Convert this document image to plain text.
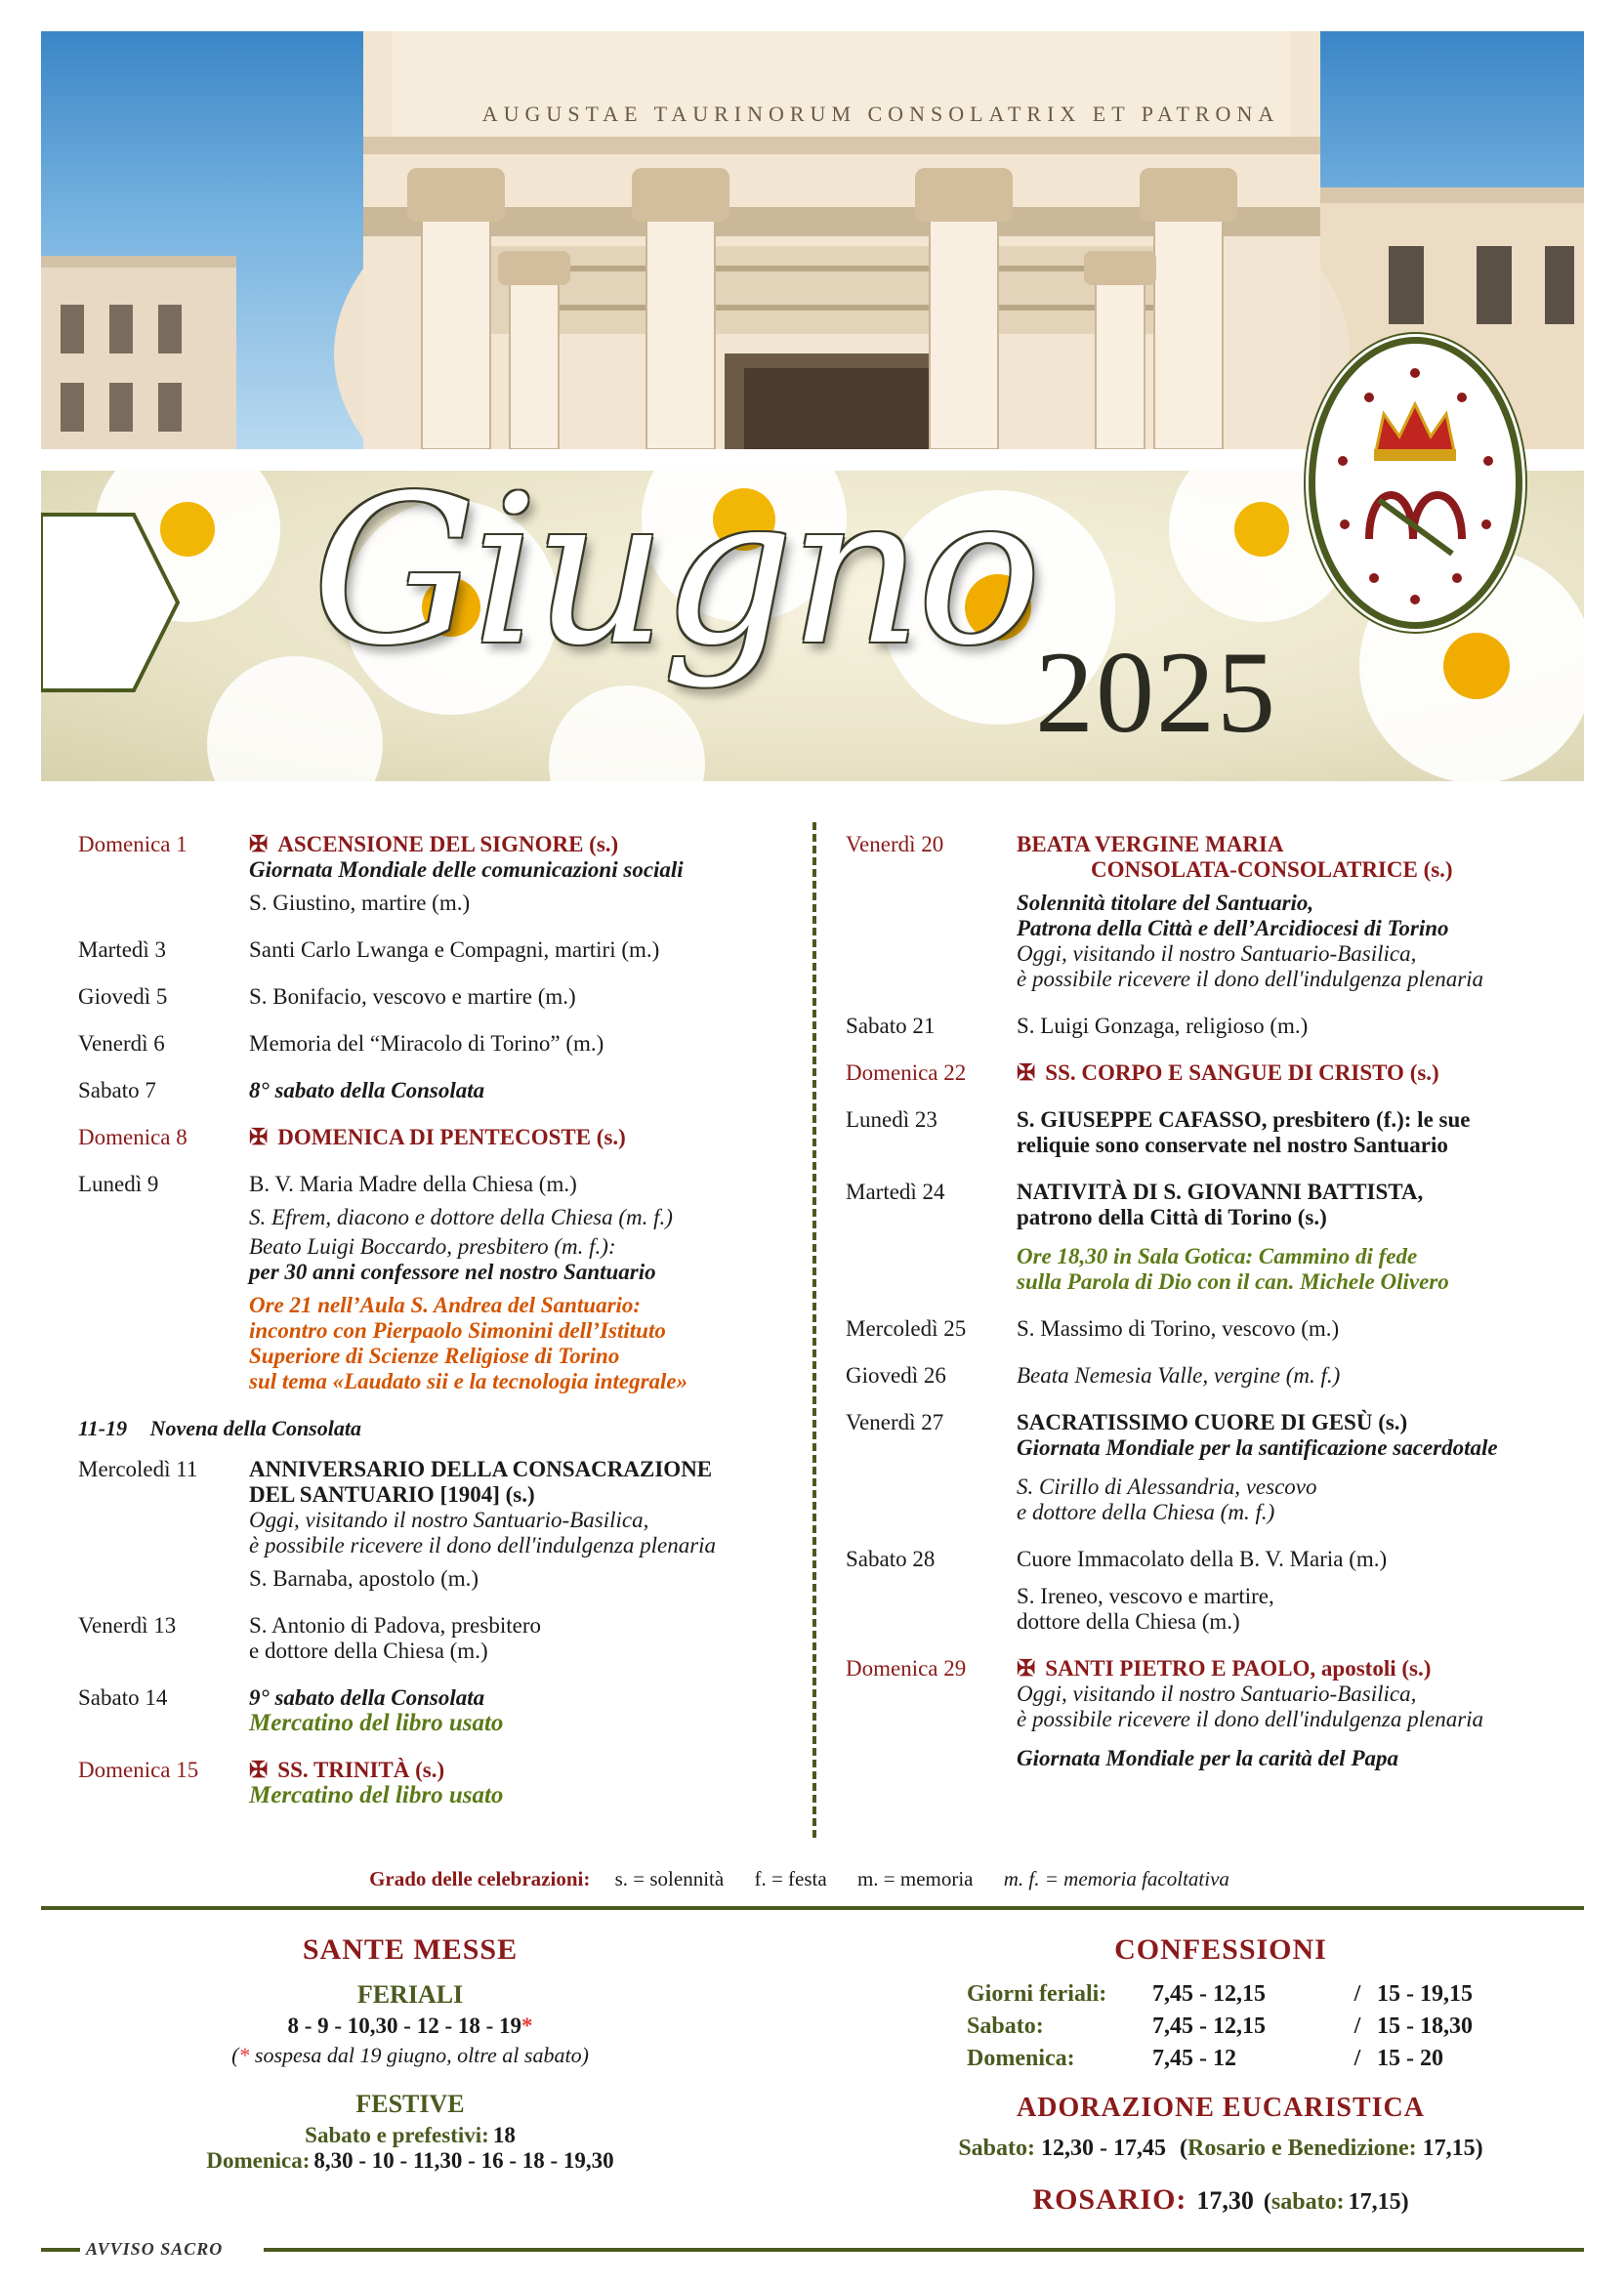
AUGUSTAE TAURINORUM CONSOLATRIX ET PATRONA
Giugno
2025
Domenica 1	✠ ASCENSIONE DEL SIGNORE (s.)

Giornata Mondiale delle comunicazioni sociali

S. Giustino, martire (m.)

Martedì 3	Santi Carlo Lwanga e Compagni, martiri (m.)

Giovedì 5	S. Bonifacio, vescovo e martire (m.)

Venerdì 6	Memoria del “Miracolo di Torino” (m.)

Sabato 7	8° sabato della Consolata

Domenica 8	✠ DOMENICA DI PENTECOSTE (s.)

Lunedì 9	B. V. Maria Madre della Chiesa (m.)

S. Efrem, diacono e dottore della Chiesa (m. f.)

Beato Luigi Boccardo, presbitero (m. f.):

per 30 anni confessore nel nostro Santuario

Ore 21 nell’Aula S. Andrea del Santuario:

incontro con Pierpaolo Simonini dell’Istituto

Superiore di Scienze Religiose di Torino

sul tema «Laudato sii e la tecnologia integrale»

11-19 Novena della Consolata
Mercoledì 11	ANNIVERSARIO DELLA CONSACRAZIONE

DEL SANTUARIO [1904] (s.)

Oggi, visitando il nostro Santuario-Basilica,

è possibile ricevere il dono dell'indulgenza plenaria

S. Barnaba, apostolo (m.)

Venerdì 13	S. Antonio di Padova, presbitero

e dottore della Chiesa (m.)

Sabato 14	9° sabato della Consolata

Mercatino del libro usato

Domenica 15	✠ SS. TRINITÀ (s.)

Mercatino del libro usato

Venerdì 20	BEATA VERGINE MARIA

CONSOLATA-CONSOLATRICE (s.)

Solennità titolare del Santuario,

Patrona della Città e dell’Arcidiocesi di Torino

Oggi, visitando il nostro Santuario-Basilica,

è possibile ricevere il dono dell'indulgenza plenaria

Sabato 21	S. Luigi Gonzaga, religioso (m.)

Domenica 22	✠ SS. CORPO E SANGUE DI CRISTO (s.)

Lunedì 23	S. GIUSEPPE CAFASSO, presbitero (f.): le sue

reliquie sono conservate nel nostro Santuario

Martedì 24	NATIVITÀ DI S. GIOVANNI BATTISTA,

patrono della Città di Torino (s.)

Ore 18,30 in Sala Gotica: Cammino di fede

sulla Parola di Dio con il can. Michele Olivero

Mercoledì 25	S. Massimo di Torino, vescovo (m.)

Giovedì 26	Beata Nemesia Valle, vergine (m. f.)

Venerdì 27	SACRATISSIMO CUORE DI GESÙ (s.)

Giornata Mondiale per la santificazione sacerdotale

S. Cirillo di Alessandria, vescovo

e dottore della Chiesa (m. f.)

Sabato 28	Cuore Immacolato della B. V. Maria (m.)

S. Ireneo, vescovo e martire,

dottore della Chiesa (m.)

Domenica 29	✠ SANTI PIETRO E PAOLO, apostoli (s.)

Oggi, visitando il nostro Santuario-Basilica,

è possibile ricevere il dono dell'indulgenza plenaria

Giornata Mondiale per la carità del Papa

Grado delle celebrazioni: s. = solennità f. = festa m. = memoria m. f. = memoria facoltativa
SANTE MESSE
FERIALI
8 - 9 - 10,30 - 12 - 18 - 19*
(* sospesa dal 19 giugno, oltre al sabato)
FESTIVE
Sabato e prefestivi: 18
Domenica: 8,30 - 10 - 11,30 - 16 - 18 - 19,30
CONFESSIONI
Giorni feriali:	7,45 - 12,15	/ 15 - 19,15
Sabato:	7,45 - 12,15	/ 15 - 18,30
Domenica:	7,45 - 12	/ 15 - 20
ADORAZIONE EUCARISTICA
Sabato: 12,30 - 17,45 (Rosario e Benedizione: 17,15)
ROSARIO: 17,30 (sabato: 17,15)
AVVISO SACRO
